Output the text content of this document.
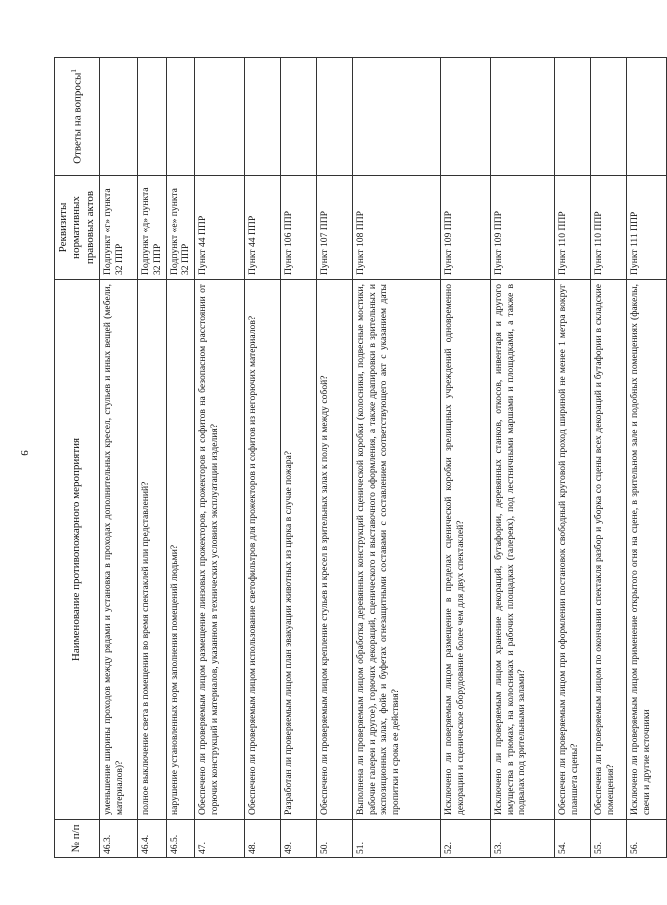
9
№ п/п	Наименование противопожарного мероприятия	Реквизиты нормативных правовых актов	Ответы на вопросы$^1$
46.3.	уменьшение ширины проходов между рядами и установка в проходах дополнительных кресел, стульев и иных вещей (мебели, материалов)?	Подпункт «г» пункта 32 ППР	
46.4.	полное выключение света в помещении во время спектаклей или представлений?	Подпункт «д» пункта 32 ППР	
46.5.	нарушение установленных норм заполнения помещений людьми?	Подпункт «е» пункта 32 ППР	
47.	Обеспечено ли проверяемым лицом размещение линзовых прожекторов, прожекторов и софитов на безопасном расстоянии от горючих конструкций и материалов, указанном в технических условиях эксплуатации изделия?	Пункт 44 ППР	
48.	Обеспечено ли проверяемым лицом использование светофильтров для прожекторов и софитов из негорючих материалов?	Пункт 44 ППР	
49.	Разработан ли проверяемым лицом план эвакуации животных из цирка в случае пожара?	Пункт 106 ППР	
50.	Обеспечено ли проверяемым лицом крепление стульев и кресел в зрительных залах к полу и между собой?	Пункт 107 ППР	
51.	Выполнена ли проверяемым лицом обработка деревянных конструкций сценической коробки (колосники, подвесные мостики, рабочие галереи и другое), горючих декораций, сценического и выставочного оформления, а также драпировки в зрительных и экспозиционных залах, фойе и буфетах огнезащитными составами с составлением соответствующего акт с указанием даты пропитки и срока ее действия?	Пункт 108 ППР	
52.	Исключено ли поверяемым лицом размещение в пределах сценической коробки зрелищных учреждений одновременно декорации и сценическое оборудование более чем для двух спектаклей?	Пункт 109 ППР	
53.	Исключено ли проверяемым лицом хранение декораций, бутафории, деревянных станков, откосов, инвентаря и другого имущества в трюмах, на колосниках и рабочих площадках (галереях), под лестничными маршами и площадками, а также в подвалах под зрительными залами?	Пункт 109 ППР	
54.	Обеспечен ли проверяемым лицом при оформлении постановок свободный круговой проход шириной не менее 1 метра вокруг планшета сцены?	Пункт 110 ППР	
55.	Обеспечена ли проверяемым лицом по окончании спектакля разбор и уборка со сцены всех декораций и бутафории в складские помещения?	Пункт 110 ППР	
56.	Исключено ли проверяемым лицом применение открытого огня на сцене, в зрительном зале и подобных помещениях (факелы, свечи и другие источники	Пункт 111 ППР	
